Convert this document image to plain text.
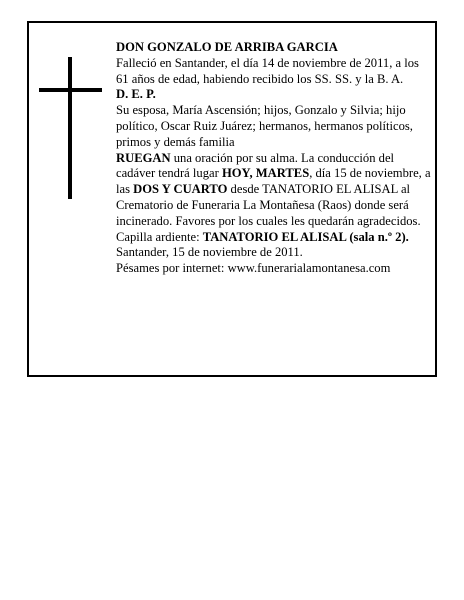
DON GONZALO DE ARRIBA GARCIA

Falleció en Santander, el día 14 de noviembre de 2011, a los 61 años de edad, habiendo recibido los SS. SS. y la B. A.

D. E. P.

Su esposa, María Ascensión; hijos, Gonzalo y Silvia; hijo político, Oscar Ruiz Juárez; hermanos, hermanos políticos, primos y demás familia

RUEGAN una oración por su alma. La conducción del cadáver tendrá lugar HOY, MARTES, día 15 de noviembre, a las DOS Y CUARTO desde TANATORIO EL ALISAL al Crematorio de Funeraria La Montañesa (Raos) donde será incinerado. Favores por los cuales les quedarán agradecidos. Capilla ardiente: TANATORIO EL ALISAL (sala n.º 2).

Santander, 15 de noviembre de 2011.

Pésames por internet: www.funerarialamontanesa.com
